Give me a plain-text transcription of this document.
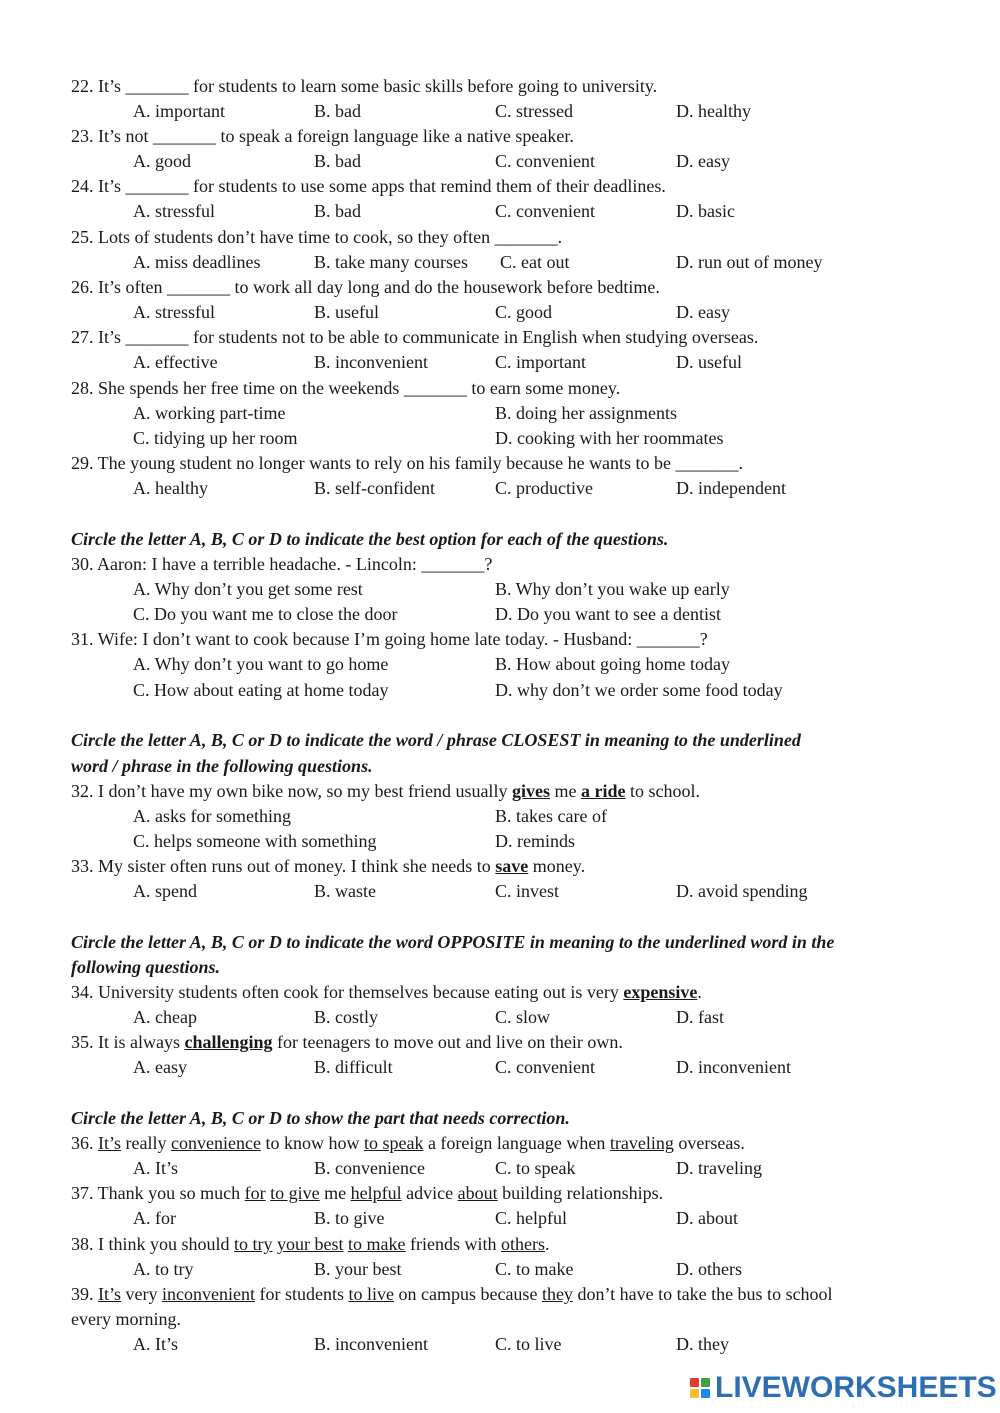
22. It’s _______ for students to learn some basic skills before going to university.
A. important	B. bad	C. stressed	D. healthy
23. It’s not _______ to speak a foreign language like a native speaker.
A. good	B. bad	C. convenient	D. easy
24. It’s _______ for students to use some apps that remind them of their deadlines.
A. stressful	B. bad	C. convenient	D. basic
25. Lots of students don’t have time to cook, so they often _______.
A. miss deadlines	B. take many courses C. eat out	D. run out of money
26. It’s often _______ to work all day long and do the housework before bedtime.
A. stressful	B. useful	C. good	D. easy
27. It’s _______ for students not to be able to communicate in English when studying overseas.
A. effective	B. inconvenient	C. important	D. useful
28. She spends her free time on the weekends _______ to earn some money.
A. working part-time	B. doing her assignments
C. tidying up her room	D. cooking with her roommates
29. The young student no longer wants to rely on his family because he wants to be _______.
A. healthy	B. self-confident	C. productive	D. independent
Circle the letter A, B, C or D to indicate the best option for each of the questions.
30. Aaron: I have a terrible headache. - Lincoln: _______?
A. Why don’t you get some rest	B. Why don’t you wake up early
C. Do you want me to close the door	D. Do you want to see a dentist
31. Wife: I don’t want to cook because I’m going home late today. - Husband: _______?
A. Why don’t you want to go home	B. How about going home today
C. How about eating at home today	D. why don’t we order some food today
Circle the letter A, B, C or D to indicate the word / phrase CLOSEST in meaning to the underlined
word / phrase in the following questions.
32. I don’t have my own bike now, so my best friend usually gives me a ride to school.
A. asks for something	B. takes care of
C. helps someone with something	D. reminds
33. My sister often runs out of money. I think she needs to save money.
A. spend	B. waste	C. invest	D. avoid spending
Circle the letter A, B, C or D to indicate the word OPPOSITE in meaning to the underlined word in the
following questions.
34. University students often cook for themselves because eating out is very expensive.
A. cheap	B. costly	C. slow	D. fast
35. It is always challenging for teenagers to move out and live on their own.
A. easy	B. difficult	C. convenient	D. inconvenient
Circle the letter A, B, C or D to show the part that needs correction.
36. It’s really convenience to know how to speak a foreign language when traveling overseas.
A. It’s	B. convenience	C. to speak	D. traveling
37. Thank you so much for to give me helpful advice about building relationships.
A. for	B. to give	C. helpful	D. about
38. I think you should to try your best to make friends with others.
A. to try	B. your best	C. to make	D. others
39. It’s very inconvenient for students to live on campus because they don’t have to take the bus to school
every morning.
A. It’s	B. inconvenient	C. to live	D. they
LIVEWORKSHEETS
